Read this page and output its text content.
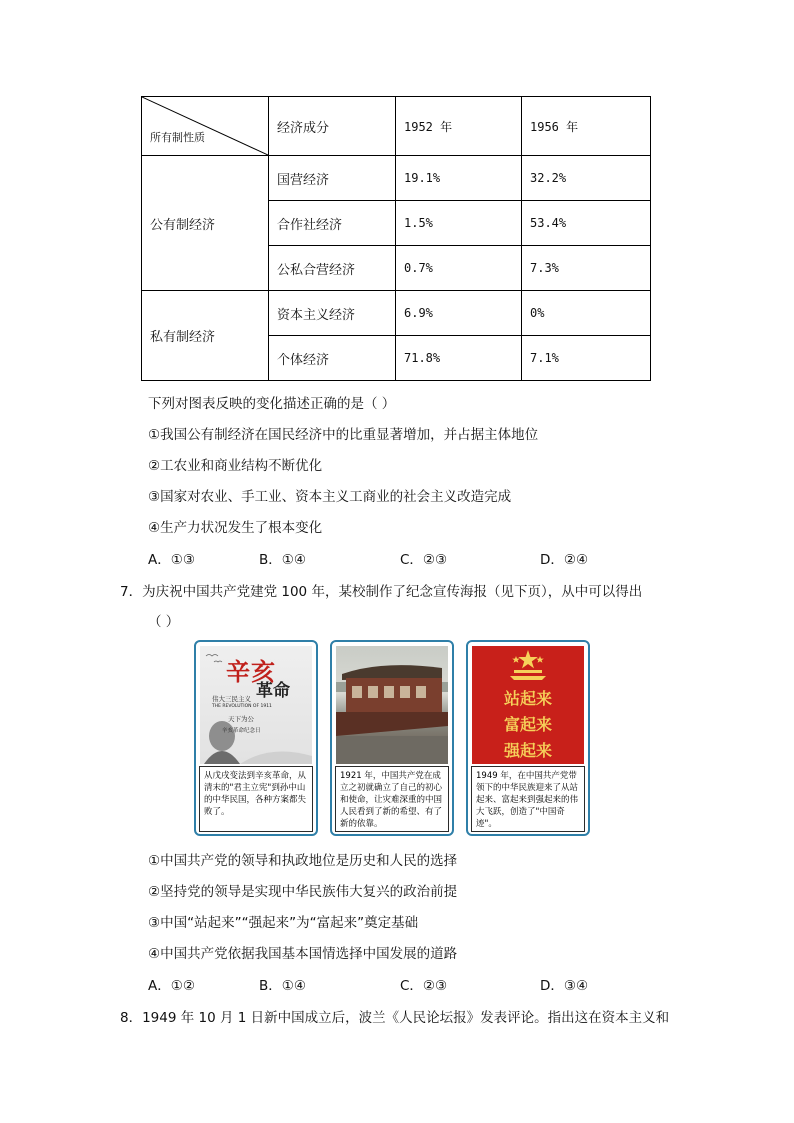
所有制性质	经济成分	1952 年	1956 年
公有制经济	国营经济	19.1%	32.2%
	合作社经济	1.5%	53.4%
	公私合营经济	0.7%	7.3%
私有制经济	资本主义经济	6.9%	0%
	个体经济	71.8%	7.1%
下列对图表反映的变化描述正确的是（ ）
①我国公有制经济在国民经济中的比重显著增加，并占据主体地位
②工农业和商业结构不断优化
③国家对农业、手工业、资本主义工商业的社会主义改造完成
④生产力状况发生了根本变化
A．①③	B．①④	C．②③	D．②④
7．为庆祝中国共产党建党 100 年，某校制作了纪念宣传海报（见下页），从中可以得出
（ ）
辛亥
革命
伟大三民主义
THE REVOLUTION OF 1911
天下为公
辛亥革命纪念日
从戊戌变法到辛亥革命，从清末的"君主立宪"到孙中山的中华民国，各种方案都失败了。
1921 年，中国共产党在成立之初就确立了自己的初心和使命，让灾难深重的中国人民看到了新的希望、有了新的依靠。
站起来
富起来
强起来
1949 年，在中国共产党带领下的中华民族迎来了从站起来、富起来到强起来的伟大飞跃，创造了"中国奇迹"。
①中国共产党的领导和执政地位是历史和人民的选择
②坚持党的领导是实现中华民族伟大复兴的政治前提
③中国“站起来”“强起来”为“富起来”奠定基础
④中国共产党依据我国基本国情选择中国发展的道路
A．①②	B．①④	C．②③	D．③④
8．1949 年 10 月 1 日新中国成立后，波兰《人民论坛报》发表评论。指出这在资本主义和
